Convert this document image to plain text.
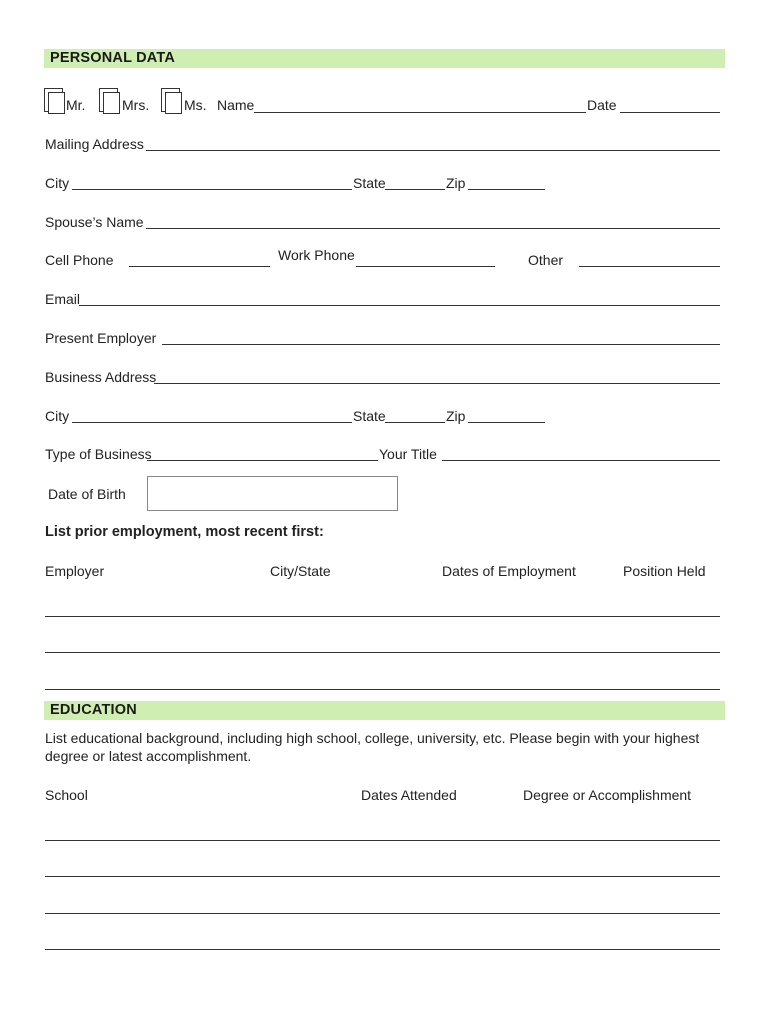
PERSONAL DATA
Mr.	Mrs. Ms. Name	Date
Mailing Address
City	State	Zip
Spouse’s Name
Cell Phone	Work Phone	Other
Email
Present Employer
Business Address
City	State	Zip
Type of Business	Your Title
Date of Birth
List prior employment, most recent first:
Employer	City/State	Dates of Employment	Position Held
EDUCATION
List educational background, including high school, college, university, etc. Please begin with your highest
degree or latest accomplishment.
School	Dates Attended	Degree or Accomplishment
